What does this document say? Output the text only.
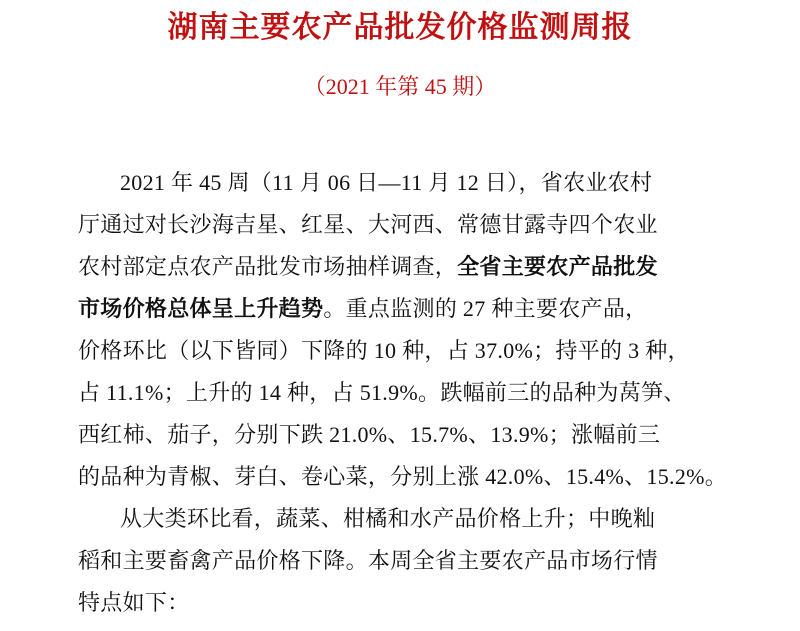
湖南主要农产品批发价格监测周报
（2021 年第 45 期）
2021 年 45 周（11 月 06 日—11 月 12 日），省农业农村
厅通过对长沙海吉星、红星、大河西、常德甘露寺四个农业
农村部定点农产品批发市场抽样调查，全省主要农产品批发
市场价格总体呈上升趋势。重点监测的 27 种主要农产品，
价格环比（以下皆同）下降的 10 种，占 37.0%；持平的 3 种，
占 11.1%；上升的 14 种，占 51.9%。跌幅前三的品种为莴笋、
西红柿、茄子，分别下跌 21.0%、15.7%、13.9%；涨幅前三
的品种为青椒、芽白、卷心菜，分别上涨 42.0%、15.4%、15.2%。
从大类环比看，蔬菜、柑橘和水产品价格上升；中晚籼
稻和主要畜禽产品价格下降。本周全省主要农产品市场行情
特点如下：
